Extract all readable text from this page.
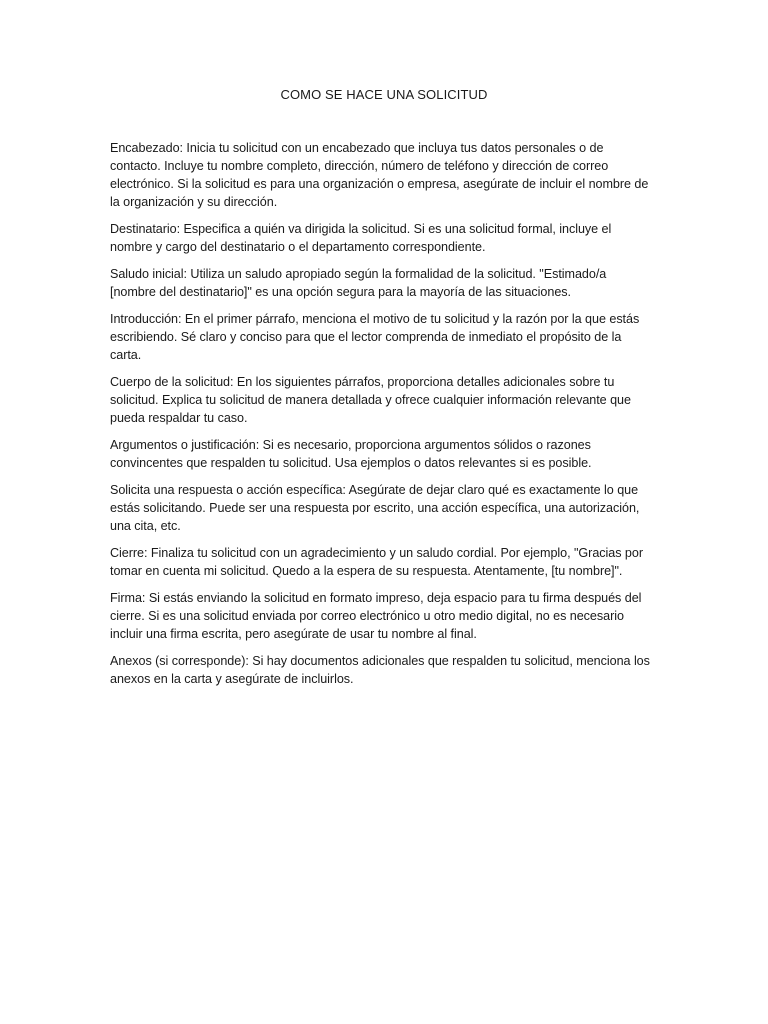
COMO SE HACE UNA SOLICITUD

Encabezado: Inicia tu solicitud con un encabezado que incluya tus datos personales o de contacto. Incluye tu nombre completo, dirección, número de teléfono y dirección de correo electrónico. Si la solicitud es para una organización o empresa, asegúrate de incluir el nombre de la organización y su dirección.

Destinatario: Especifica a quién va dirigida la solicitud. Si es una solicitud formal, incluye el nombre y cargo del destinatario o el departamento correspondiente.

Saludo inicial: Utiliza un saludo apropiado según la formalidad de la solicitud. "Estimado/a [nombre del destinatario]" es una opción segura para la mayoría de las situaciones.

Introducción: En el primer párrafo, menciona el motivo de tu solicitud y la razón por la que estás escribiendo. Sé claro y conciso para que el lector comprenda de inmediato el propósito de la carta.

Cuerpo de la solicitud: En los siguientes párrafos, proporciona detalles adicionales sobre tu solicitud. Explica tu solicitud de manera detallada y ofrece cualquier información relevante que pueda respaldar tu caso.

Argumentos o justificación: Si es necesario, proporciona argumentos sólidos o razones convincentes que respalden tu solicitud. Usa ejemplos o datos relevantes si es posible.

Solicita una respuesta o acción específica: Asegúrate de dejar claro qué es exactamente lo que estás solicitando. Puede ser una respuesta por escrito, una acción específica, una autorización, una cita, etc.

Cierre: Finaliza tu solicitud con un agradecimiento y un saludo cordial. Por ejemplo, "Gracias por tomar en cuenta mi solicitud. Quedo a la espera de su respuesta. Atentamente, [tu nombre]".

Firma: Si estás enviando la solicitud en formato impreso, deja espacio para tu firma después del cierre. Si es una solicitud enviada por correo electrónico u otro medio digital, no es necesario incluir una firma escrita, pero asegúrate de usar tu nombre al final.

Anexos (si corresponde): Si hay documentos adicionales que respalden tu solicitud, menciona los anexos en la carta y asegúrate de incluirlos.
